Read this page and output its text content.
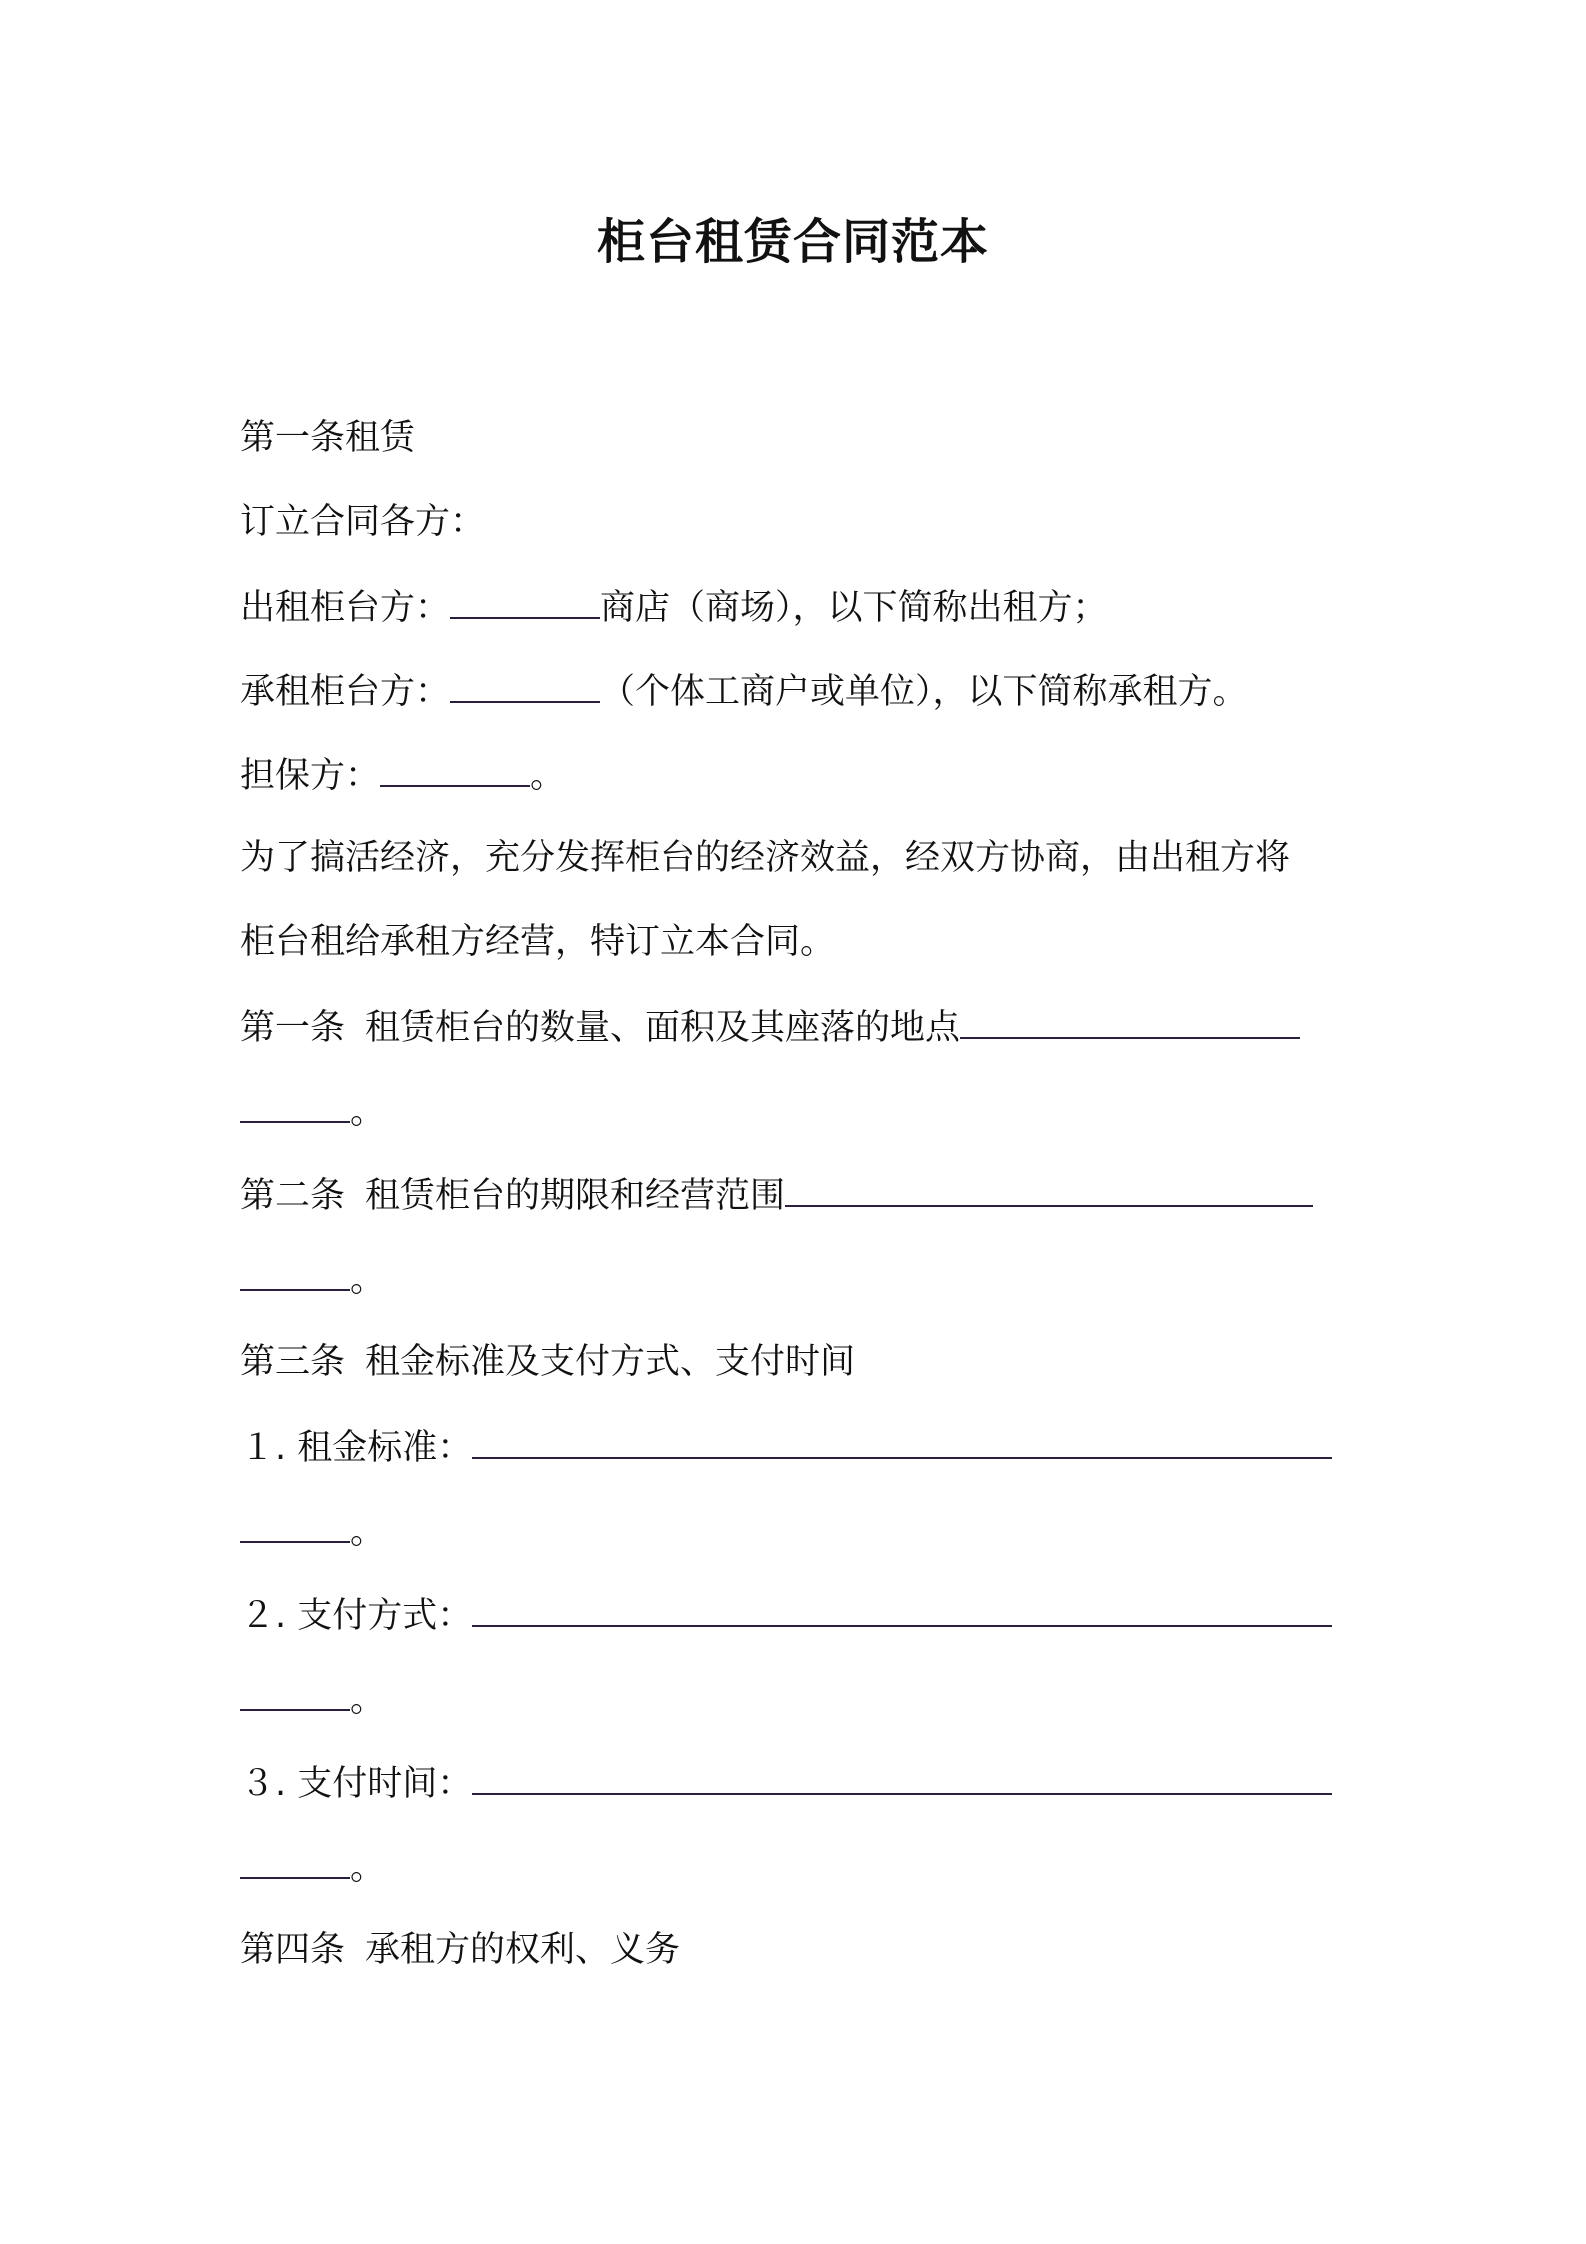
柜台租赁合同范本
第一条租赁
订立合同各方：
出租柜台方：	商店（商场），以下简称出租方；
承租柜台方：	（个体工商户或单位），以下简称承租方。
担保方：	。
为了搞活经济，充分发挥柜台的经济效益，经双方协商，由出租方将
柜台租给承租方经营，特订立本合同。
第一条 租赁柜台的数量、面积及其座落的地点
。
第二条 租赁柜台的期限和经营范围
。
第三条 租金标准及支付方式、支付时间
１. 租金标准：
。
２. 支付方式：
。
３. 支付时间：
。
第四条 承租方的权利、义务
